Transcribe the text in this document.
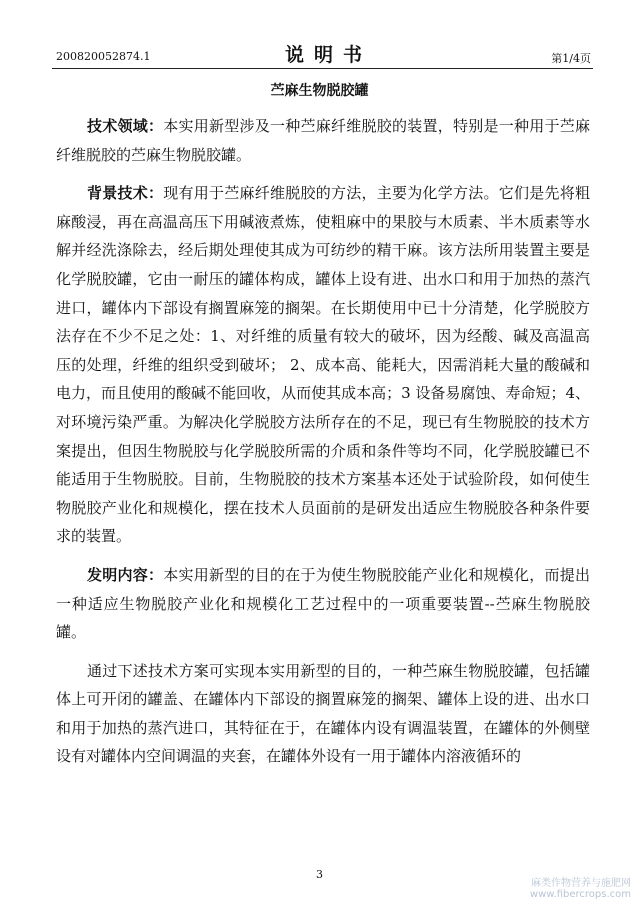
200820052874.1	说明书	第1/4页
苎麻生物脱胶罐

技术领域：本实用新型涉及一种苎麻纤维脱胶的装置，特别是一种用于苎麻纤维脱胶的苎麻生物脱胶罐。

背景技术：现有用于苎麻纤维脱胶的方法，主要为化学方法。它们是先将粗麻酸浸，再在高温高压下用碱液煮炼，使粗麻中的果胶与木质素、半木质素等水解并经洗涤除去，经后期处理使其成为可纺纱的精干麻。该方法所用装置主要是化学脱胶罐，它由一耐压的罐体构成，罐体上设有进、出水口和用于加热的蒸汽进口，罐体内下部设有搁置麻笼的搁架。在长期使用中已十分清楚，化学脱胶方法存在不少不足之处：1、对纤维的质量有较大的破坏，因为经酸、碱及高温高压的处理，纤维的组织受到破坏； 2、成本高、能耗大，因需消耗大量的酸碱和电力，而且使用的酸碱不能回收，从而使其成本高；3 设备易腐蚀、寿命短；4、对环境污染严重。为解决化学脱胶方法所存在的不足，现已有生物脱胶的技术方案提出，但因生物脱胶与化学脱胶所需的介质和条件等均不同，化学脱胶罐已不能适用于生物脱胶。目前，生物脱胶的技术方案基本还处于试验阶段，如何使生物脱胶产业化和规模化，摆在技术人员面前的是研发出适应生物脱胶各种条件要求的装置。

发明内容：本实用新型的目的在于为使生物脱胶能产业化和规模化，而提出一种适应生物脱胶产业化和规模化工艺过程中的一项重要装置--苎麻生物脱胶罐。

通过下述技术方案可实现本实用新型的目的，一种苎麻生物脱胶罐，包括罐体上可开闭的罐盖、在罐体内下部设的搁置麻笼的搁架、罐体上设的进、出水口和用于加热的蒸汽进口，其特征在于，在罐体内设有调温装置，在罐体的外侧壁设有对罐体内空间调温的夹套，在罐体外设有一用于罐体内溶液循环的

3
麻类作物营养与施肥网
www.fibercrops.com
